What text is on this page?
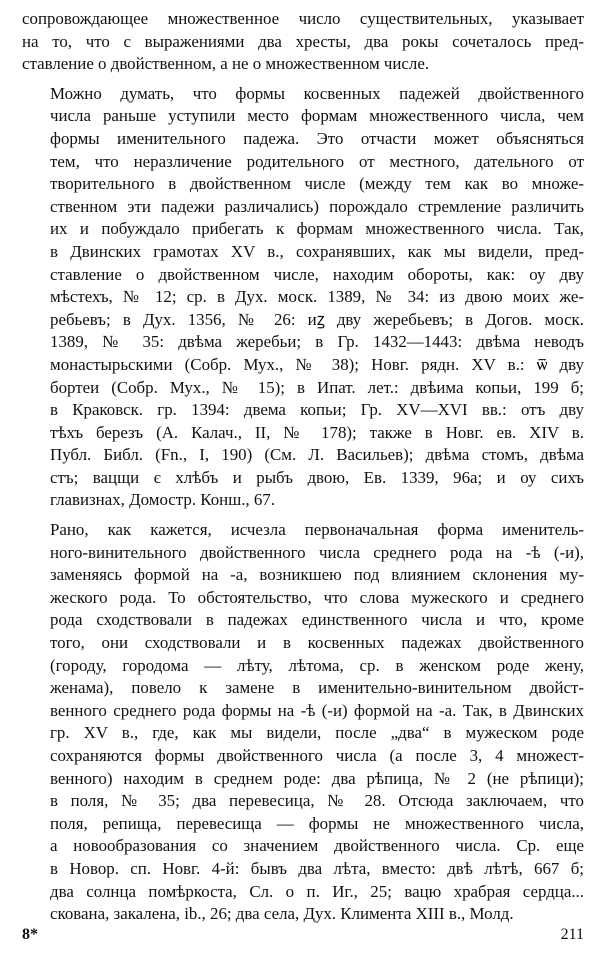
сопровождающее множественное число существительных, указывает
на то, что с выражениями два хресты, два рокы сочеталось пред-
ставление о двойственном, а не о множественном числе.
Можно думать, что формы косвенных падежей двойственного
числа раньше уступили место формам множественного числа, чем
формы именительного падежа. Это отчасти может объясняться
тем, что неразличение родительного от местного, дательного от
творительного в двойственном числе (между тем как во множе-
ственном эти падежи различались) порождало стремление различить
их и побуждало прибегать к формам множественного числа. Так,
в Двинских грамотах XV в., сохранявших, как мы видели, пред-
ставление о двойственном числе, находим обороты, как: оу дву
мѣстехъ, № 12; ср. в Дух. моск. 1389, № 34: из двою моих же-
ребьевъ; в Дух. 1356, № 26: иꙁ дву жеребьевъ; в Догов. моск.
1389, № 35: двѣма жеребьи; в Гр. 1432—1443: двѣма неводъ
монастырьскими (Собр. Мух., № 38); Новг. рядн. XV в.: ѿ дву
бортеи (Собр. Мух., № 15); в Ипат. лет.: двѣима копьи, 199 б;
в Краковск. гр. 1394: двема копьи; Гр. XV—XVI вв.: отъ дву
тѣхъ березъ (А. Калач., II, № 178); также в Новг. ев. XIV в.
Публ. Библ. (Fn., I, 190) (См. Л. Васильев); двѣма стомъ, двѣма
стъ; вацщи є хлѣбъ и рыбъ двою, Ев. 1339, 96а; и оу сихъ
главизнах, Домостр. Конш., 67.
Рано, как кажется, исчезла первоначальная форма именитель-
ного-винительного двойственного числа среднего рода на -ѣ (-и),
заменяясь формой на -а, возникшею под влиянием склонения му-
жеского рода. То обстоятельство, что слова мужеского и среднего
рода сходствовали в падежах единственного числа и что, кроме
того, они сходствовали и в косвенных падежах двойственного
(городу, городома — лѣту, лѣтома, ср. в женском роде жену,
женама), повело к замене в именительно-винительном двойст-
венного среднего рода формы на -ѣ (-и) формой на -а. Так, в Двинских
гр. XV в., где, как мы видели, после „два“ в мужеском роде
сохраняются формы двойственного числа (а после 3, 4 множест-
венного) находим в среднем роде: два рѣпица, № 2 (не рѣпици);
в поля, № 35; два перевесица, № 28. Отсюда заключаем, что
поля, репища, перевесища — формы не множественного числа,
а новообразования со значением двойственного числа. Ср. еще
в Новор. сп. Новг. 4-й: бывъ два лѣта, вместо: двѣ лѣтѣ, 667 б;
два солнца помѣркоста, Сл. о п. Иг., 25; вацю храбрая сердца...
скована, закалена, ib., 26; два села, Дух. Климента XIII в., Молд.
8*	211
